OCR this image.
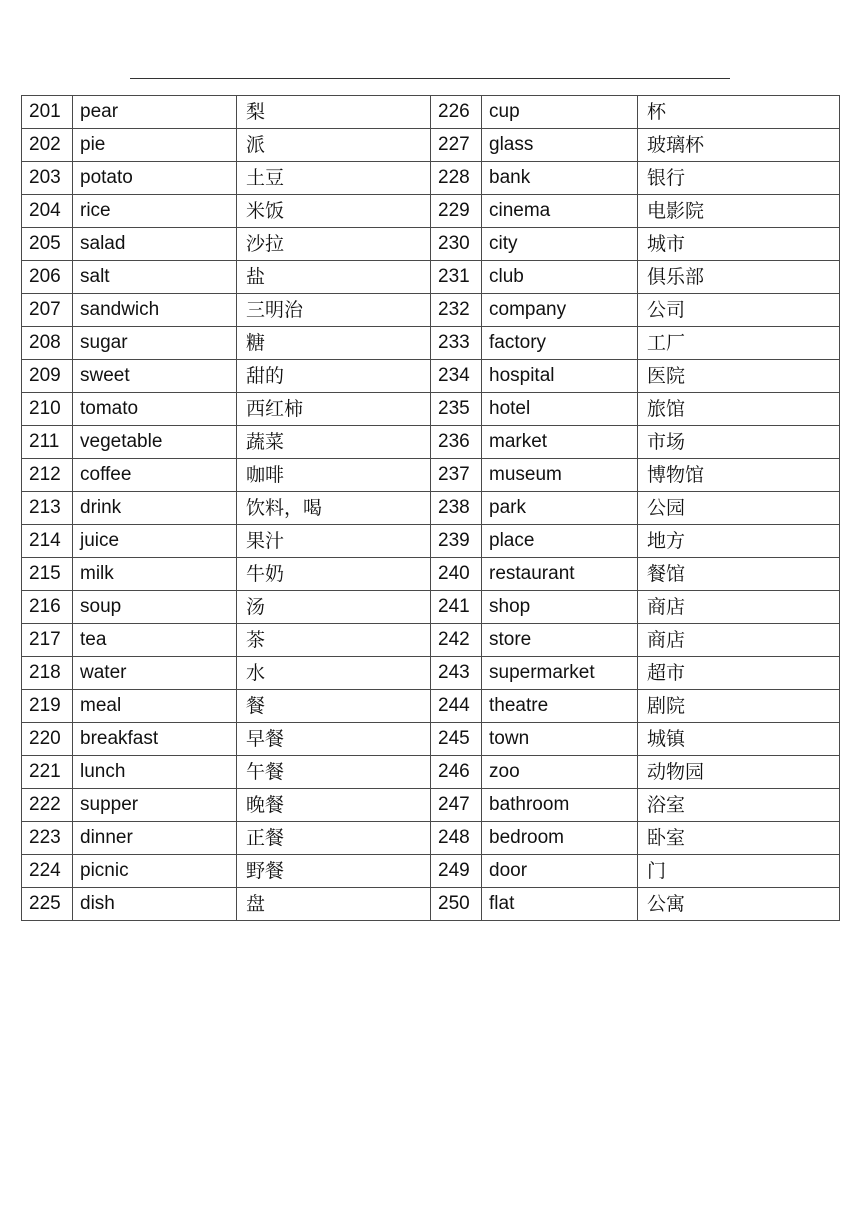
201	pear	梨	226	cup	杯
202	pie	派	227	glass	玻璃杯
203	potato	土豆	228	bank	银行
204	rice	米饭	229	cinema	电影院
205	salad	沙拉	230	city	城市
206	salt	盐	231	club	俱乐部
207	sandwich	三明治	232	company	公司
208	sugar	糖	233	factory	工厂
209	sweet	甜的	234	hospital	医院
210	tomato	西红柿	235	hotel	旅馆
211	vegetable	蔬菜	236	market	市场
212	coffee	咖啡	237	museum	博物馆
213	drink	饮料，喝	238	park	公园
214	juice	果汁	239	place	地方
215	milk	牛奶	240	restaurant	餐馆
216	soup	汤	241	shop	商店
217	tea	茶	242	store	商店
218	water	水	243	supermarket	超市
219	meal	餐	244	theatre	剧院
220	breakfast	早餐	245	town	城镇
221	lunch	午餐	246	zoo	动物园
222	supper	晚餐	247	bathroom	浴室
223	dinner	正餐	248	bedroom	卧室
224	picnic	野餐	249	door	门
225	dish	盘	250	flat	公寓
